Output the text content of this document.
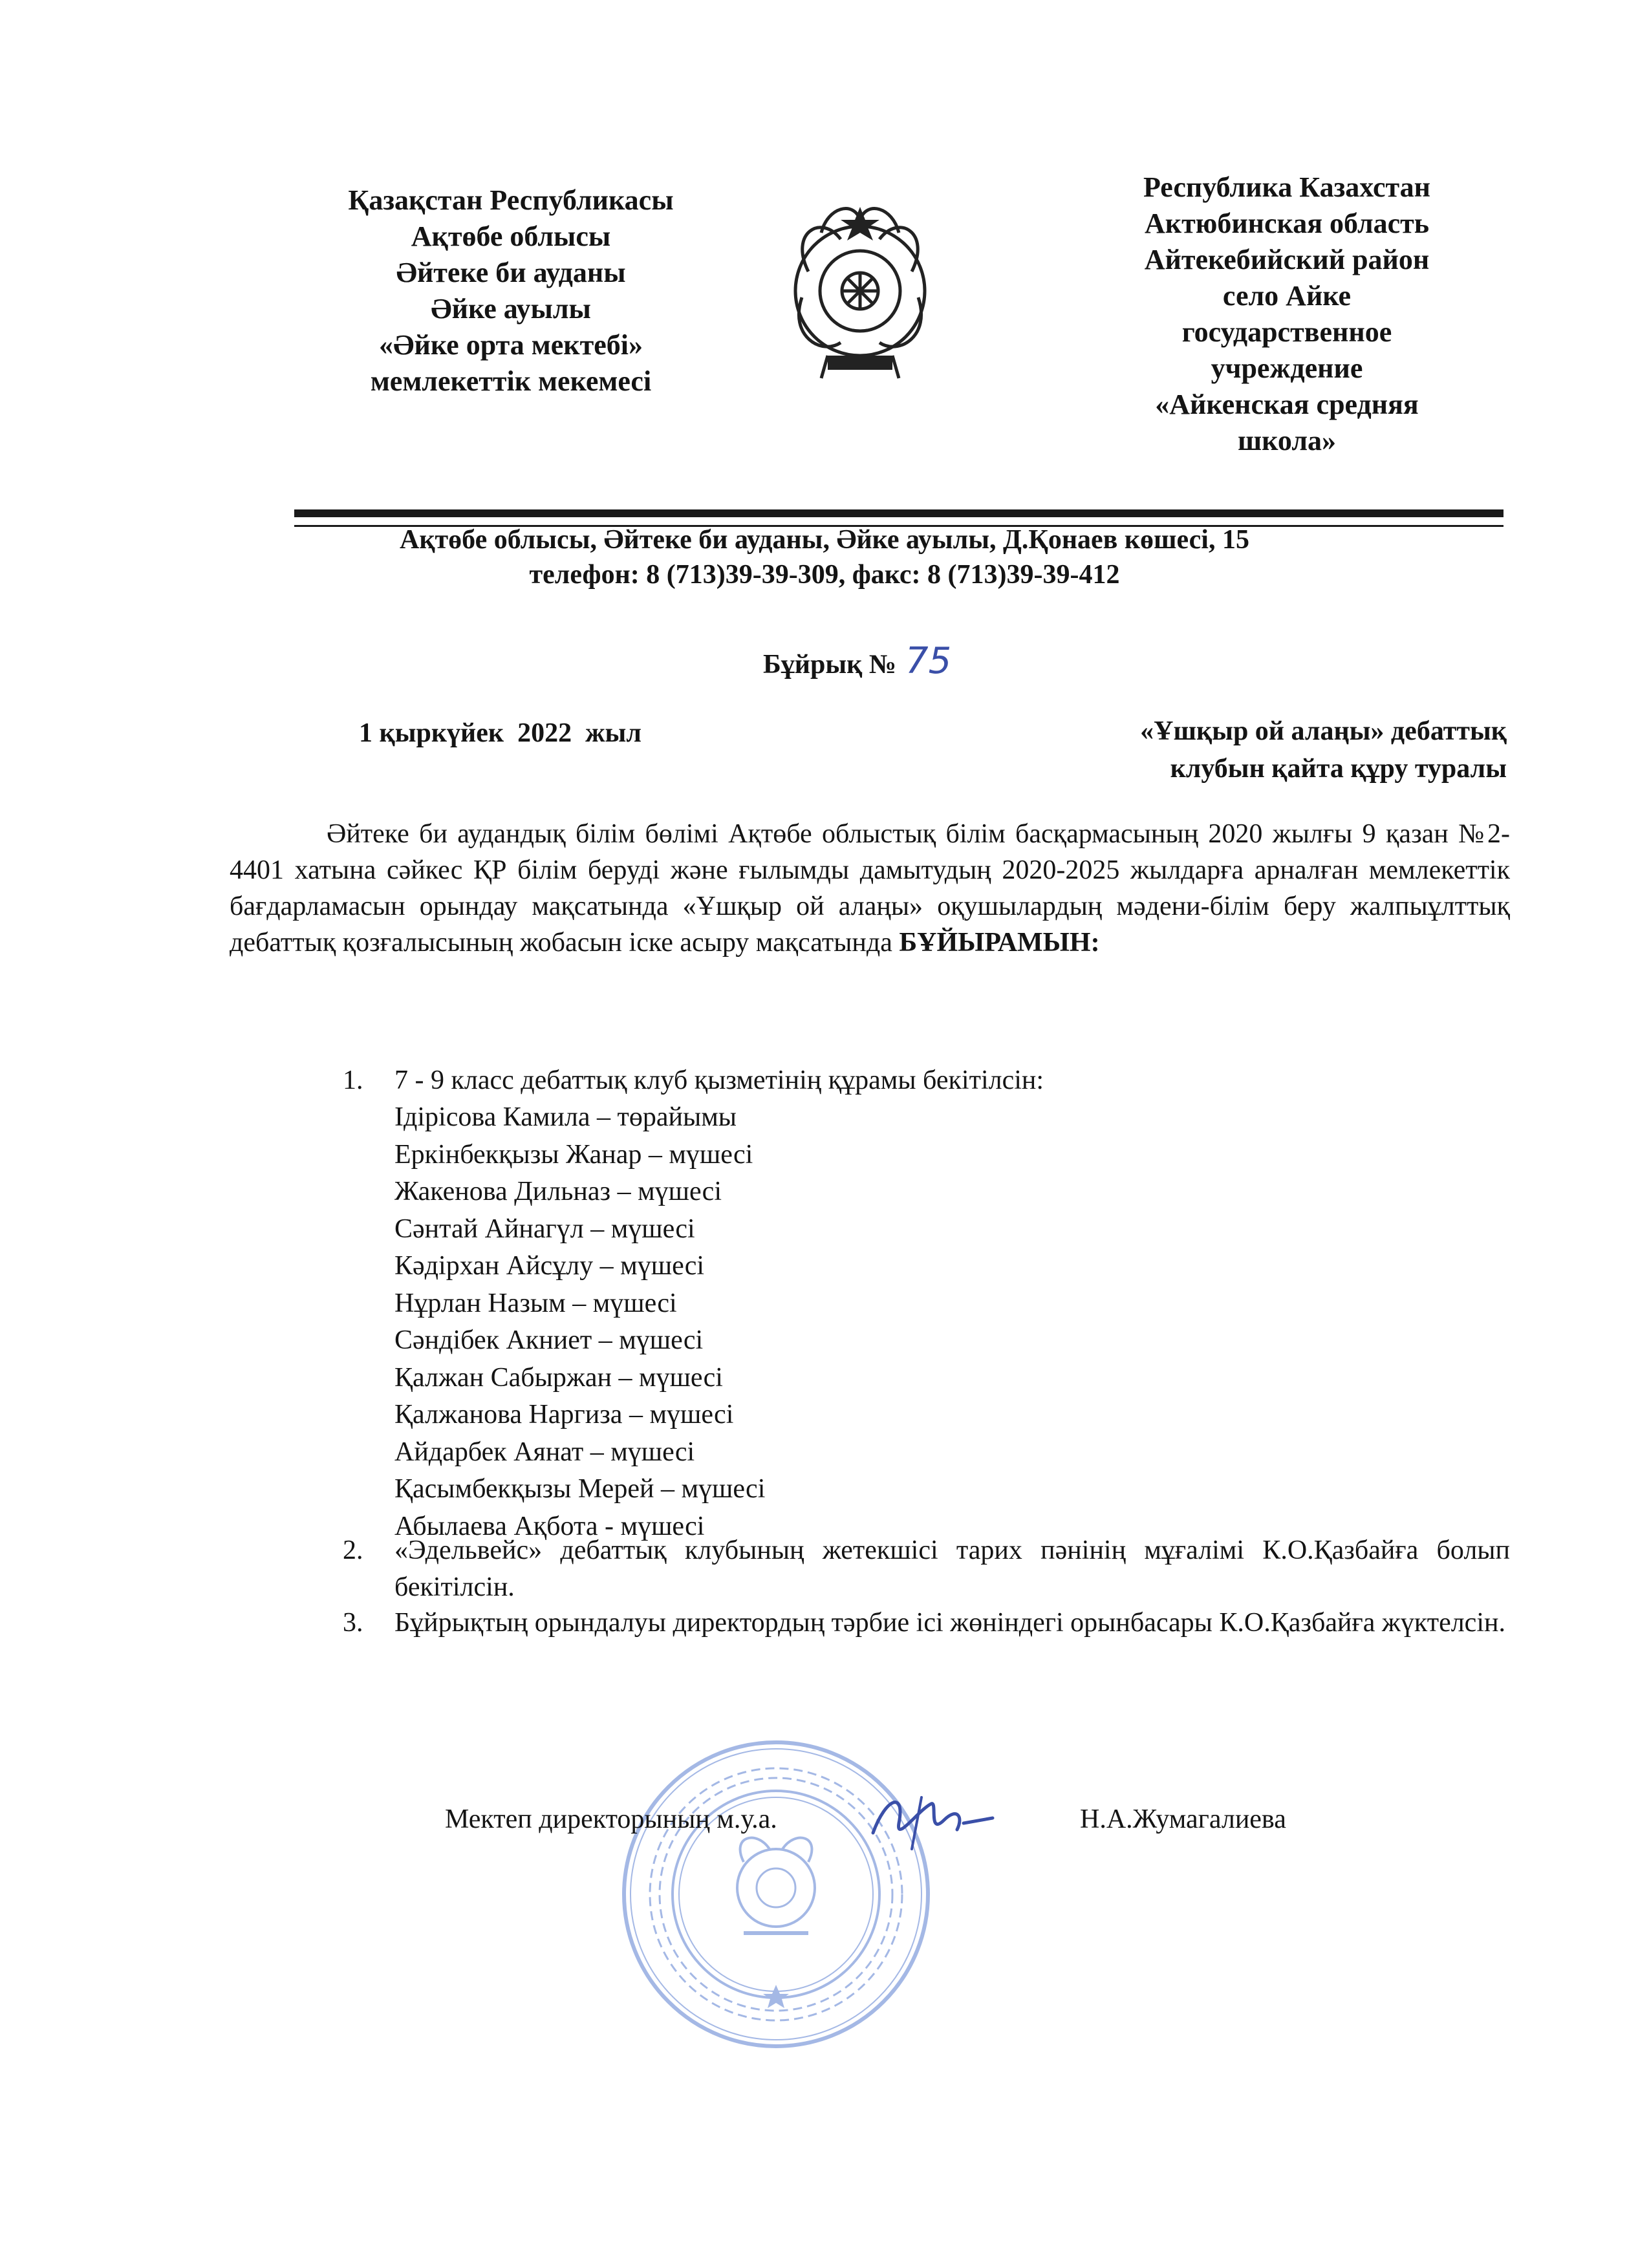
Қазақстан Республикасы
Ақтөбе облысы
Әйтеке би ауданы
Әйке ауылы
«Әйке орта мектебі»
мемлекеттік мекемесі
Республика Казахстан
Актюбинская область
Айтекебийский район
село Айке
государственное
учреждение
«Айкенская средняя
школа»
Ақтөбе облысы, Әйтеке би ауданы, Әйке ауылы, Д.Қонаев көшесі, 15
телефон: 8 (713)39-39-309, факс: 8 (713)39-39-412
Бұйрық № 75
1 қыркүйек  2022  жыл	«Ұшқыр ой алаңы» дебаттық
клубын қайта құру туралы
Әйтеке би аудандық білім бөлімі Ақтөбе облыстық білім басқармасының 2020 жылғы 9 қазан №2-4401 хатына сәйкес ҚР білім беруді және ғылымды дамытудың 2020-2025 жылдарға арналған мемлекеттік бағдарламасын орындау мақсатында «Ұшқыр ой алаңы» оқушылардың мәдени-білім беру жалпыұлттық дебаттық қозғалысының жобасын іске асыру мақсатында БҰЙЫРАМЫН:
1.	7 - 9 класс дебаттық клуб қызметінің құрамы бекітілсін:
Ідірісова Камила – төрайымы
Еркінбекқызы Жанар – мүшесі
Жакенова Дильназ – мүшесі
Сәнтай Айнагүл – мүшесі
Кәдірхан Айсұлу – мүшесі
Нұрлан Назым – мүшесі
Сәндібек Акниет – мүшесі
Қалжан Сабыржан – мүшесі
Қалжанова Наргиза – мүшесі
Айдарбек Аянат – мүшесі
Қасымбекқызы Мерей – мүшесі
Абылаева Ақбота - мүшесі
2.	«Эдельвейс» дебаттық клубының жетекшісі тарих пәнінің мұғалімі К.О.Қазбайға болып бекітілсін.
3.	Бұйрықтың орындалуы директордың тәрбие ісі жөніндегі орынбасары К.О.Қазбайға жүктелсін.
Мектеп директорының м.у.а.	Н.А.Жумагалиева
